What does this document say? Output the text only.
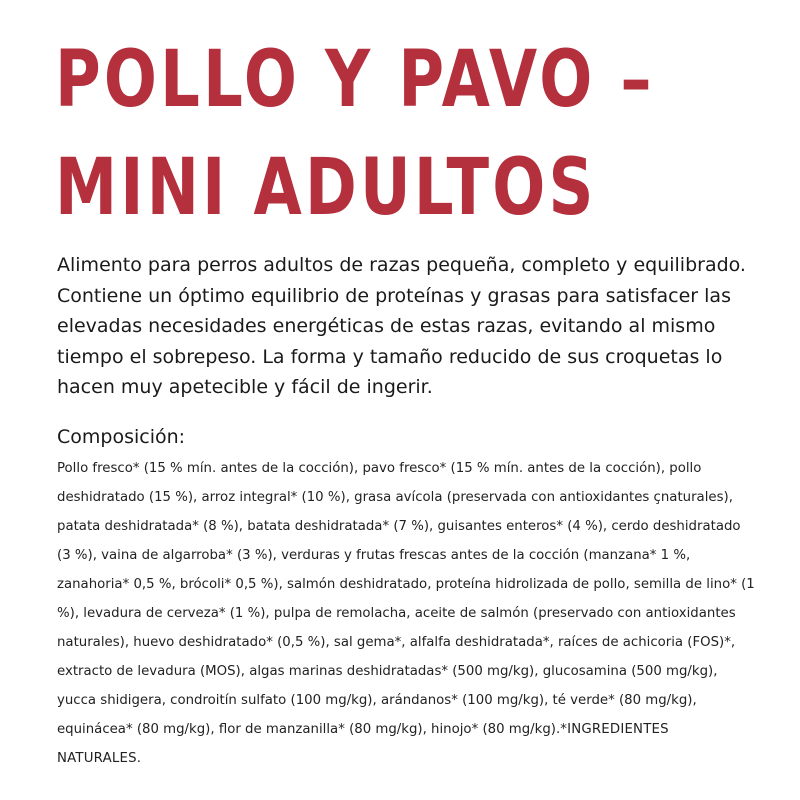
POLLO Y PAVO –
MINI ADULTOS

Alimento para perros adultos de razas pequeña, completo y equilibrado. Contiene un óptimo equilibrio de proteínas y grasas para satisfacer las elevadas necesidades energéticas de estas razas, evitando al mismo tiempo el sobrepeso. La forma y tamaño reducido de sus croquetas lo hacen muy apetecible y fácil de ingerir.

Composición:

Pollo fresco* (15 % mín. antes de la cocción), pavo fresco* (15 % mín. antes de la cocción), pollo deshidratado (15 %), arroz integral* (10 %), grasa avícola (preservada con antioxidantes çnaturales), patata deshidratada* (8 %), batata deshidratada* (7 %), guisantes enteros* (4 %), cerdo deshidratado (3 %), vaina de algarroba* (3 %), verduras y frutas frescas antes de la cocción (manzana* 1 %, zanahoria* 0,5 %, brócoli* 0,5 %), salmón deshidratado, proteína hidrolizada de pollo, semilla de lino* (1 %), levadura de cerveza* (1 %), pulpa de remolacha, aceite de salmón (preservado con antioxidantes naturales), huevo deshidratado* (0,5 %), sal gema*, alfalfa deshidratada*, raíces de achicoria (FOS)*, extracto de levadura (MOS), algas marinas deshidratadas* (500 mg/kg), glucosamina (500 mg/kg), yucca shidigera, condroitín sulfato (100 mg/kg), arándanos* (100 mg/kg), té verde* (80 mg/kg), equinácea* (80 mg/kg), flor de manzanilla* (80 mg/kg), hinojo* (80 mg/kg).*INGREDIENTES NATURALES.
